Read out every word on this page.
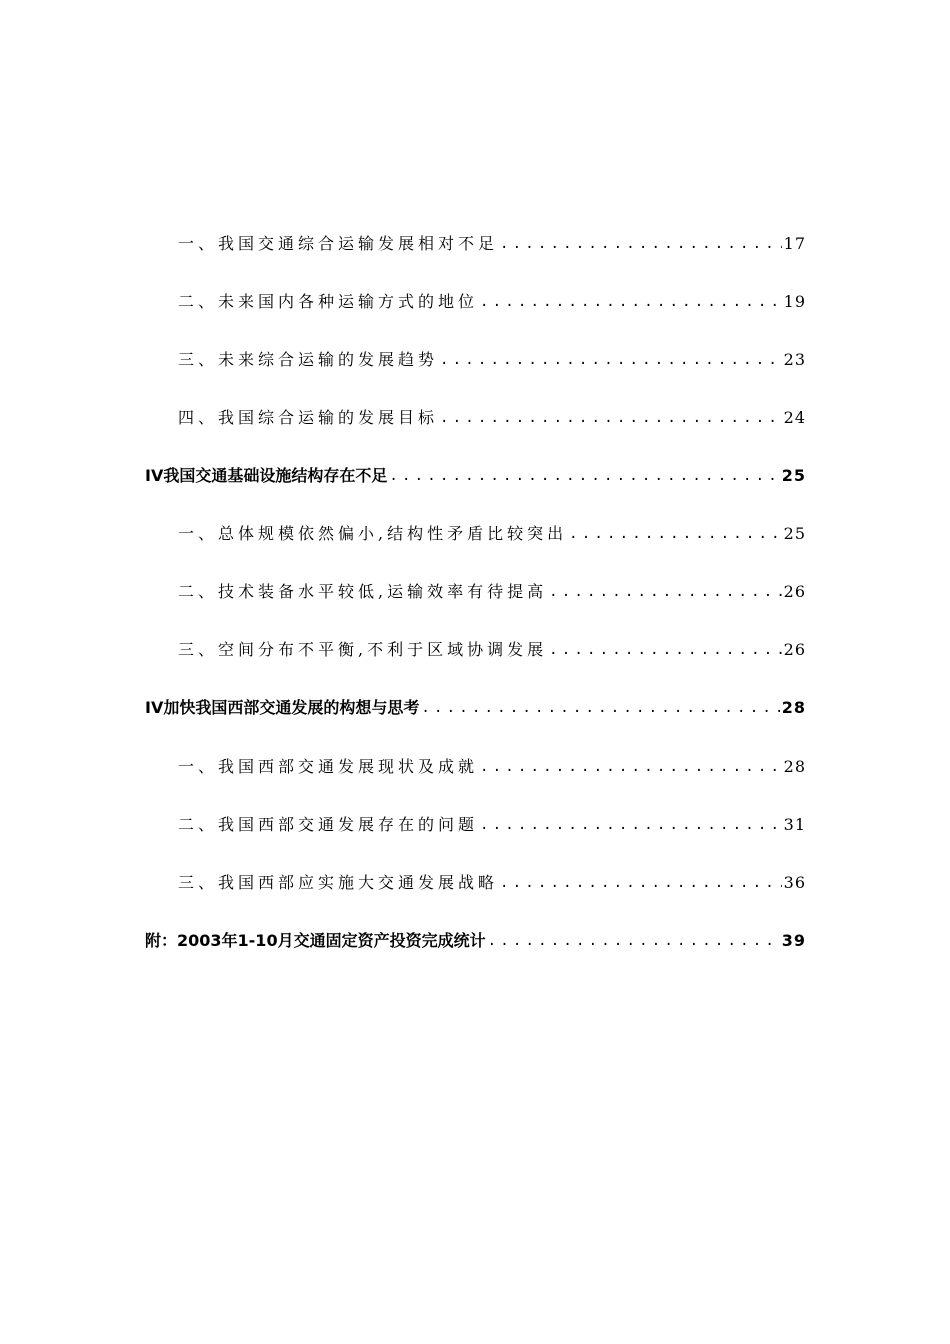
一、我国交通综合运输发展相对不足 .....	17
二、未来国内各种运输方式的地位 .....	19
三、未来综合运输的发展趋势 .....	23
四、我国综合运输的发展目标 .....	24
IV我国交通基础设施结构存在不足 .....	25
一、总体规模依然偏小,结构性矛盾比较突出 .....	25
二、技术装备水平较低,运输效率有待提高 .....	26
三、空间分布不平衡,不利于区域协调发展 .....	26
IV加快我国西部交通发展的构想与思考 .....	28
一、我国西部交通发展现状及成就 .....	28
二、我国西部交通发展存在的问题 .....	31
三、我国西部应实施大交通发展战略 .....	36
附：2003年1-10月交通固定资产投资完成统计 .....	39
